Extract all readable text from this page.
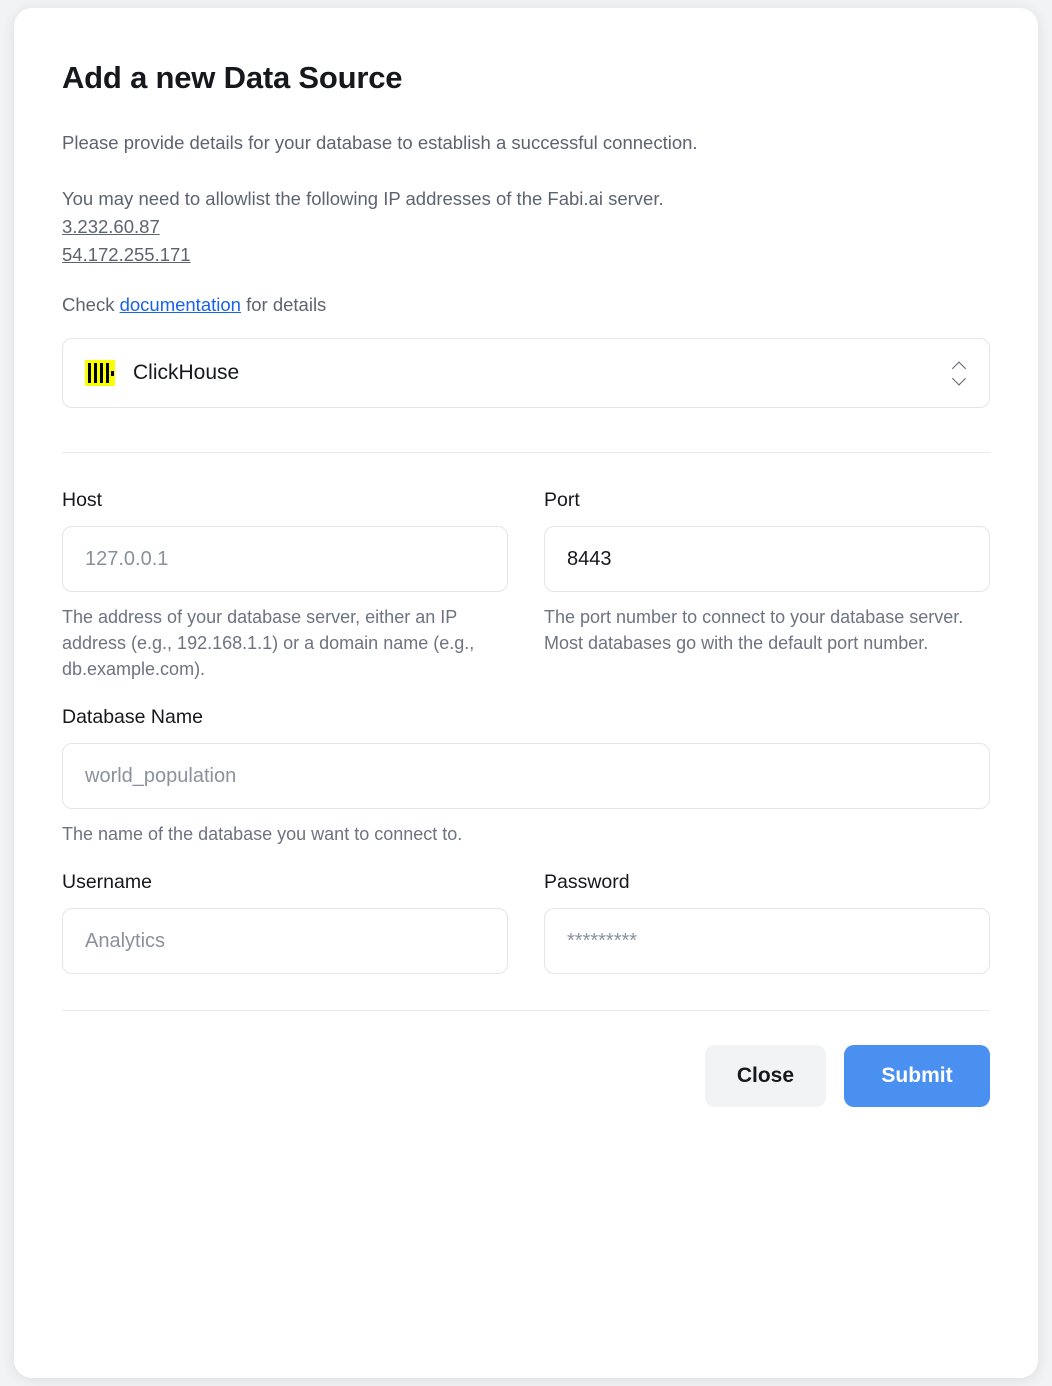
Add a new Data Source

Please provide details for your database to establish a successful connection.

You may need to allowlist the following IP addresses of the Fabi.ai server.

3.232.60.87
54.172.255.171

Check documentation for details

ClickHouse
Host
127.0.0.1
The address of your database server, either an IP address (e.g., 192.168.1.1) or a domain name (e.g., db.example.com).
Port
8443
The port number to connect to your database server. Most databases go with the default port number.
Database Name
world_population
The name of the database you want to connect to.
Username
Analytics	Password
*********
Close	Submit
